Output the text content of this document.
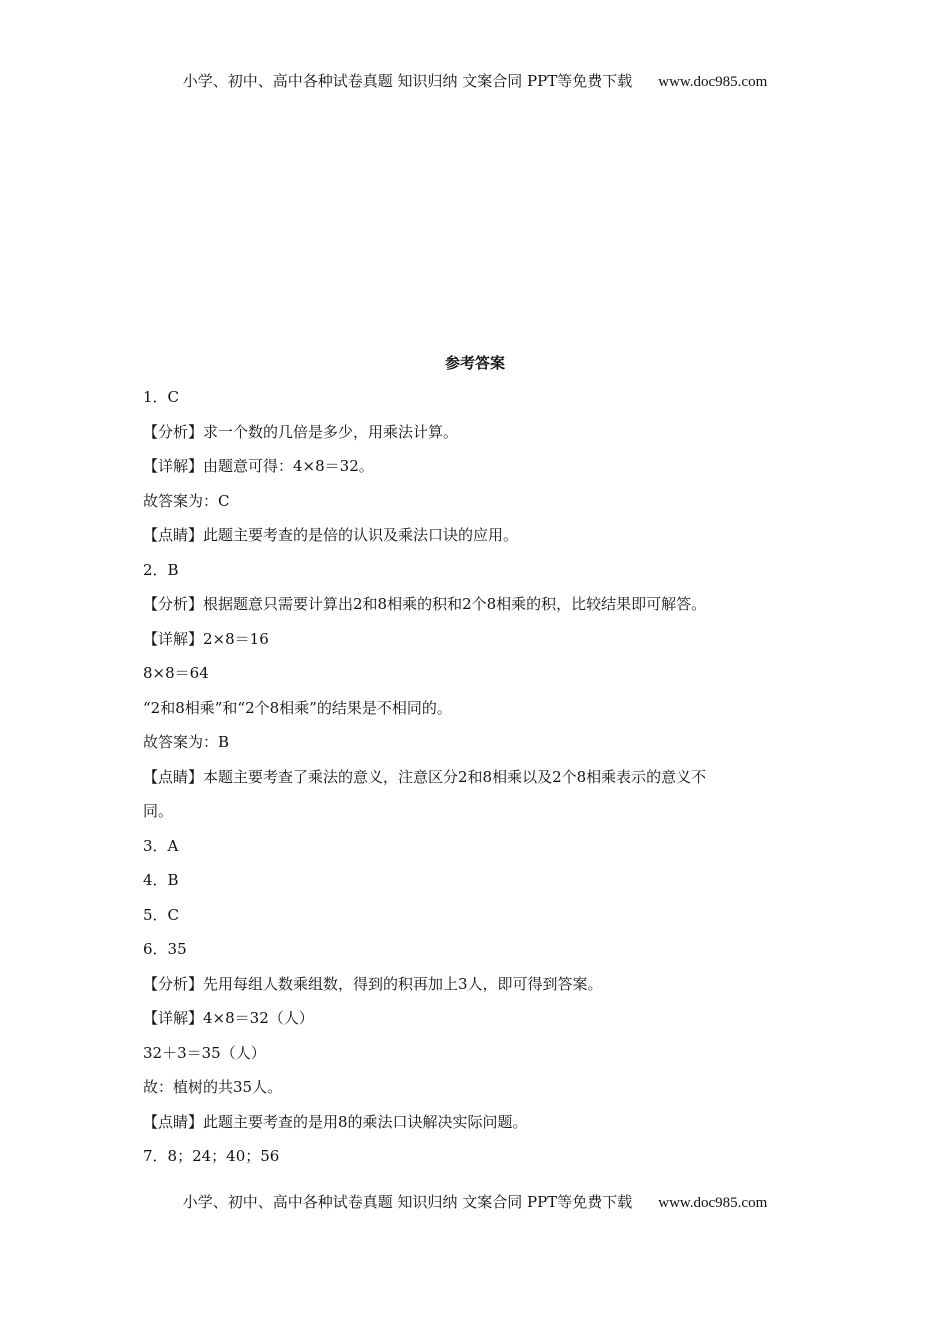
小学、初中、高中各种试卷真题 知识归纳 文案合同 PPT等免费下载 www.doc985.com
参考答案
1．C
【分析】求一个数的几倍是多少，用乘法计算。
【详解】由题意可得：4×8＝32。
故答案为：C
【点睛】此题主要考查的是倍的认识及乘法口诀的应用。
2．B
【分析】根据题意只需要计算出2和8相乘的积和2个8相乘的积，比较结果即可解答。
【详解】2×8＝16
8×8＝64
“2和8相乘”和“2个8相乘”的结果是不相同的。
故答案为：B
【点睛】本题主要考查了乘法的意义，注意区分2和8相乘以及2个8相乘表示的意义不
同。
3．A
4．B
5．C
6．35
【分析】先用每组人数乘组数，得到的积再加上3人，即可得到答案。
【详解】4×8＝32（人）
32＋3＝35（人）
故：植树的共35人。
【点睛】此题主要考查的是用8的乘法口诀解决实际问题。
7．8；24；40；56
小学、初中、高中各种试卷真题 知识归纳 文案合同 PPT等免费下载 www.doc985.com
